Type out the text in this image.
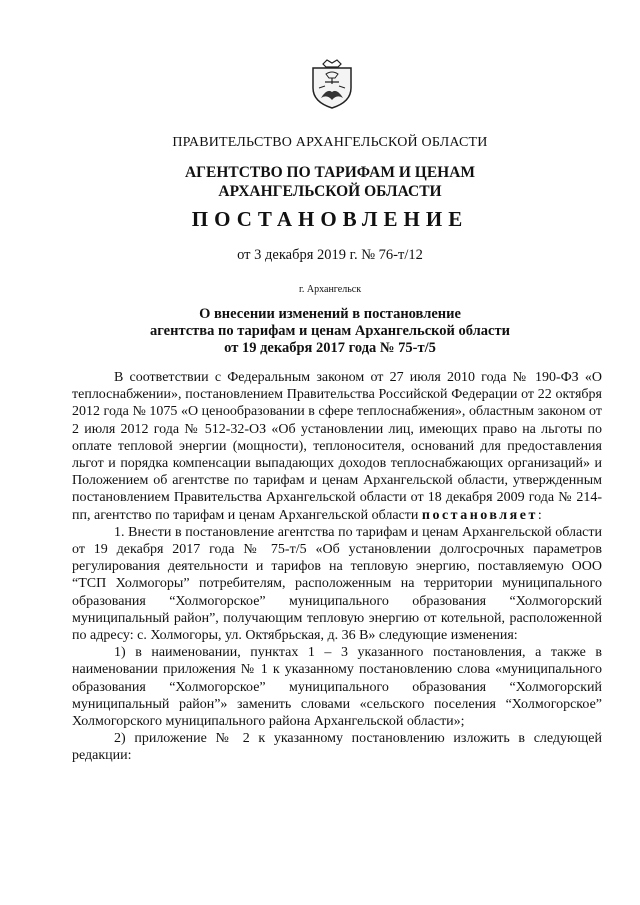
ПРАВИТЕЛЬСТВО АРХАНГЕЛЬСКОЙ ОБЛАСТИ
АГЕНТСТВО ПО ТАРИФАМ И ЦЕНАМ
АРХАНГЕЛЬСКОЙ ОБЛАСТИ
ПОСТАНОВЛЕНИЕ
от 3 декабря 2019 г. № 76-т/12
г. Архангельск
О внесении изменений в постановление
агентства по тарифам и ценам Архангельской области
от 19 декабря 2017 года № 75-т/5

В соответствии с Федеральным законом от 27 июля 2010 года № 190-ФЗ «О теплоснабжении», постановлением Правительства Российской Федерации от 22 октября 2012 года № 1075 «О ценообразовании в сфере теплоснабжения», областным законом от 2 июля 2012 года № 512-32-ОЗ «Об установлении лиц, имеющих право на льготы по оплате тепловой энергии (мощности), теплоносителя, оснований для предоставления льгот и порядка компенсации выпадающих доходов теплоснабжающих организаций» и Положением об агентстве по тарифам и ценам Архангельской области, утвержденным постановлением Правительства Архангельской области от 18 декабря 2009 года № 214-пп, агентство по тарифам и ценам Архангельской области постановляет:

1. Внести в постановление агентства по тарифам и ценам Архангельской области от 19 декабря 2017 года № 75-т/5 «Об установлении долгосрочных параметров регулирования деятельности и тарифов на тепловую энергию, поставляемую ООО “ТСП Холмогоры” потребителям, расположенным на территории муниципального образования “Холмогорское” муниципального образования “Холмогорский муниципальный район”, получающим тепловую энергию от котельной, расположенной по адресу: с. Холмогоры, ул. Октябрьская, д. 36 В» следующие изменения:

1) в наименовании, пунктах 1 – 3 указанного постановления, а также в наименовании приложения № 1 к указанному постановлению слова «муниципального образования “Холмогорское” муниципального образования “Холмогорский муниципальный район”» заменить словами «сельского поселения “Холмогорское” Холмогорского муниципального района Архангельской области»;

2) приложение № 2 к указанному постановлению изложить в следующей редакции:
